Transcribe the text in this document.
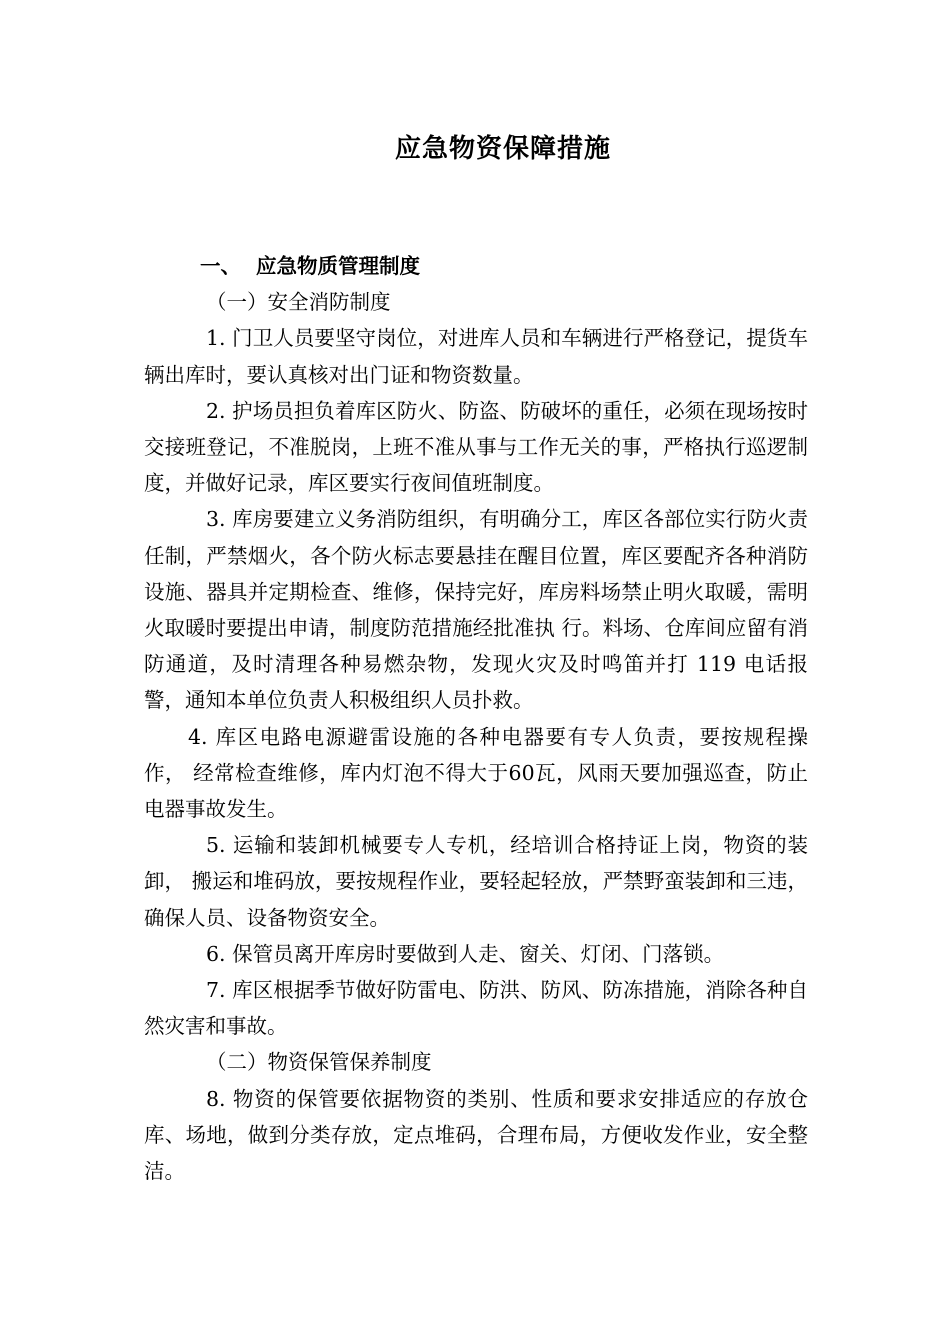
应急物资保障措施

一、 应急物质管理制度

（一）安全消防制度

1. 门卫人员要坚守岗位，对进库人员和车辆进行严格登记，提货车辆出库时，要认真核对出门证和物资数量。

2. 护场员担负着库区防火、防盗、防破坏的重任，必须在现场按时交接班登记，不准脱岗，上班不准从事与工作无关的事，严格执行巡逻制度，并做好记录，库区要实行夜间值班制度。

3. 库房要建立义务消防组织，有明确分工，库区各部位实行防火责任制，严禁烟火，各个防火标志要悬挂在醒目位置，库区要配齐各种消防设施、器具并定期检查、维修，保持完好，库房料场禁止明火取暖，需明火取暖时要提出申请，制度防范措施经批准执 行。料场、仓库间应留有消防通道，及时清理各种易燃杂物，发现火灾及时鸣笛并打 119 电话报警，通知本单位负责人积极组织人员扑救。

4. 库区电路电源避雷设施的各种电器要有专人负责，要按规程操作， 经常检查维修，库内灯泡不得大于60瓦，风雨天要加强巡查，防止电器事故发生。

5. 运输和装卸机械要专人专机，经培训合格持证上岗，物资的装卸， 搬运和堆码放，要按规程作业，要轻起轻放，严禁野蛮装卸和三违，确保人员、设备物资安全。

6. 保管员离开库房时要做到人走、窗关、灯闭、门落锁。

7. 库区根据季节做好防雷电、防洪、防风、防冻措施，消除各种自然灾害和事故。

（二）物资保管保养制度

8. 物资的保管要依据物资的类别、性质和要求安排适应的存放仓库、场地，做到分类存放，定点堆码，合理布局，方便收发作业，安全整洁。
